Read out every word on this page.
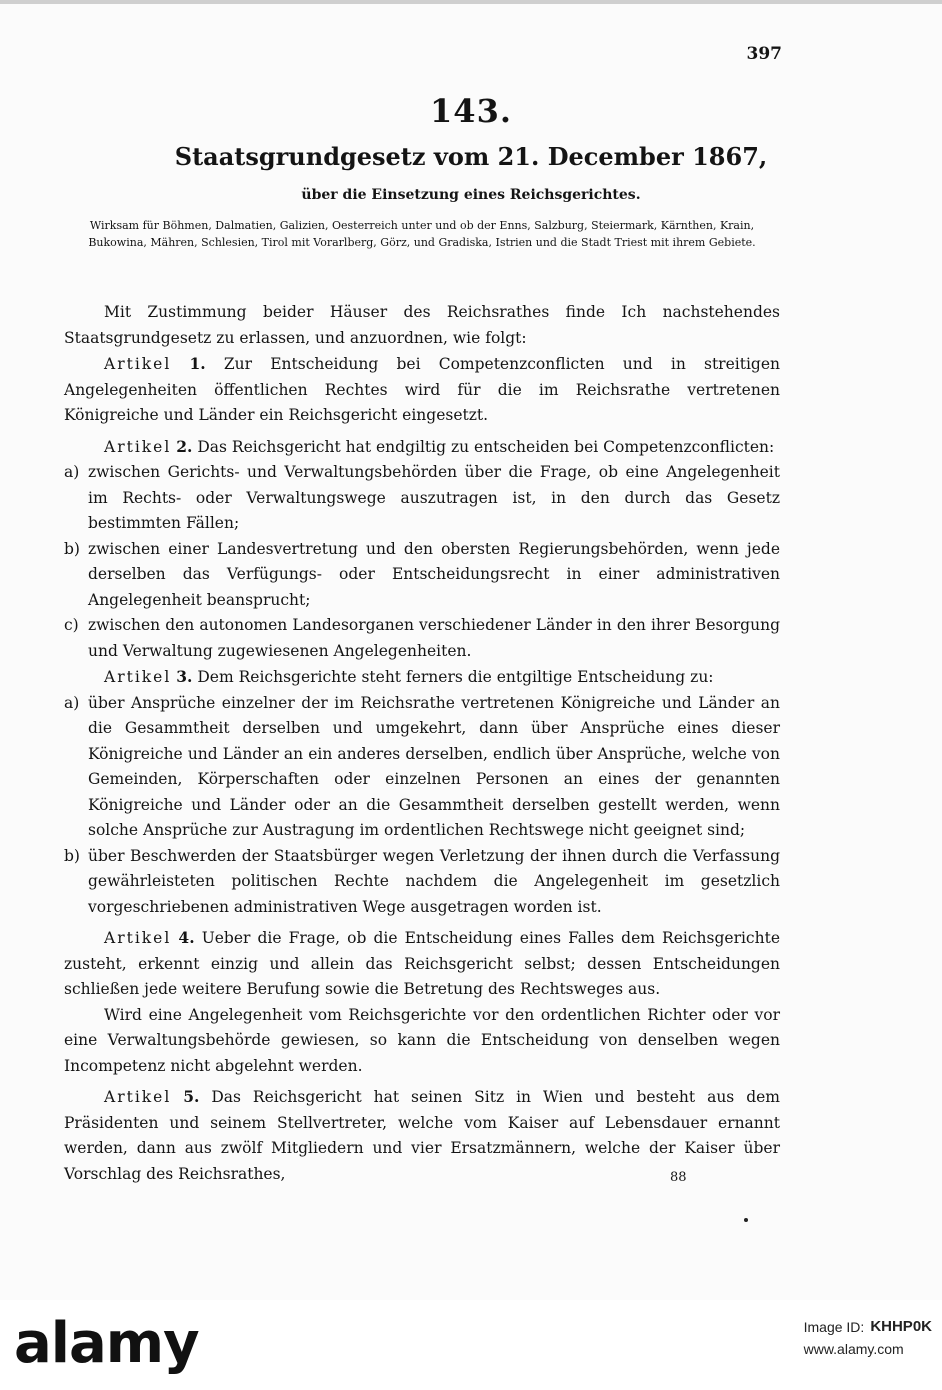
397
143.
Staatsgrundgesetz vom 21. December 1867,
über die Einsetzung eines Reichsgerichtes.
Wirksam für Böhmen, Dalmatien, Galizien, Oesterreich unter und ob der Enns, Salzburg, Steiermark, Kärnthen, Krain, Bukowina, Mähren, Schlesien, Tirol mit Vorarlberg, Görz, und Gradiska, Istrien und die Stadt Triest mit ihrem Gebiete.

Mit Zustimmung beider Häuser des Reichsrathes finde Ich nachstehendes Staatsgrundgesetz zu erlassen, und anzuordnen, wie folgt:

Artikel 1. Zur Entscheidung bei Competenzconflicten und in streitigen Angelegenheiten öffentlichen Rechtes wird für die im Reichsrathe vertretenen Königreiche und Länder ein Reichsgericht eingesetzt.

Artikel 2. Das Reichsgericht hat endgiltig zu entscheiden bei Competenzconflicten:

a) zwischen Gerichts- und Verwaltungsbehörden über die Frage, ob eine Angelegenheit im Rechts- oder Verwaltungswege auszutragen ist, in den durch das Gesetz bestimmten Fällen;

b) zwischen einer Landesvertretung und den obersten Regierungsbehörden, wenn jede derselben das Verfügungs- oder Entscheidungsrecht in einer administrativen Angelegenheit beansprucht;

c) zwischen den autonomen Landesorganen verschiedener Länder in den ihrer Besorgung und Verwaltung zugewiesenen Angelegenheiten.

Artikel 3. Dem Reichsgerichte steht ferners die entgiltige Entscheidung zu:

a) über Ansprüche einzelner der im Reichsrathe vertretenen Königreiche und Länder an die Gesammtheit derselben und umgekehrt, dann über Ansprüche eines dieser Königreiche und Länder an ein anderes derselben, endlich über Ansprüche, welche von Gemeinden, Körperschaften oder einzelnen Personen an eines der genannten Königreiche und Länder oder an die Gesammtheit derselben gestellt werden, wenn solche Ansprüche zur Austragung im ordentlichen Rechtswege nicht geeignet sind;

b) über Beschwerden der Staatsbürger wegen Verletzung der ihnen durch die Verfassung gewährleisteten politischen Rechte nachdem die Angelegenheit im gesetzlich vorgeschriebenen administrativen Wege ausgetragen worden ist.

Artikel 4. Ueber die Frage, ob die Entscheidung eines Falles dem Reichsgerichte zusteht, erkennt einzig und allein das Reichsgericht selbst; dessen Entscheidungen schließen jede weitere Berufung sowie die Betretung des Rechtsweges aus.

Wird eine Angelegenheit vom Reichsgerichte vor den ordentlichen Richter oder vor eine Verwaltungsbehörde gewiesen, so kann die Entscheidung von denselben wegen Incompetenz nicht abgelehnt werden.

Artikel 5. Das Reichsgericht hat seinen Sitz in Wien und besteht aus dem Präsidenten und seinem Stellvertreter, welche vom Kaiser auf Lebensdauer ernannt werden, dann aus zwölf Mitgliedern und vier Ersatzmännern, welche der Kaiser über Vorschlag des Reichsrathes,	88
alamy	Image ID: KHHP0K
www.alamy.com
